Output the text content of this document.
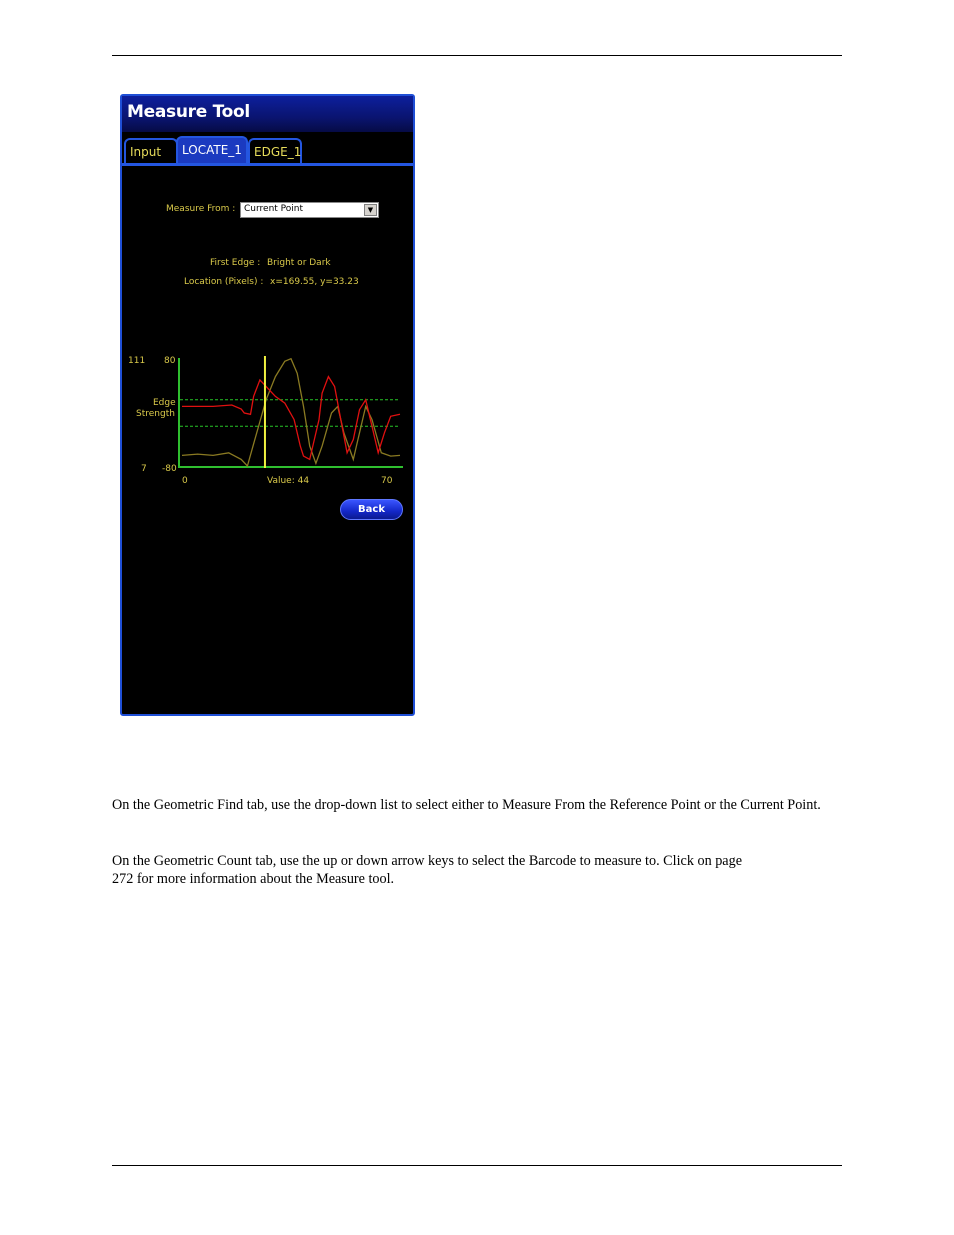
Measure Tool
Input	LOCATE_1	EDGE_1
Measure From : Current Point	▼
First Edge : Bright or Dark
Location (Pixels) : x=169.55, y=33.23
111 80
Edge
Strength
7 -80
0	Value: 44	70
Back

On the Geometric Find tab, use the drop-down list to select either to Measure From the Reference Point or the Current Point.

On the Geometric Count tab, use the up or down arrow keys to select the Barcode to measure to. Click on page 272 for more information about the Measure tool.
